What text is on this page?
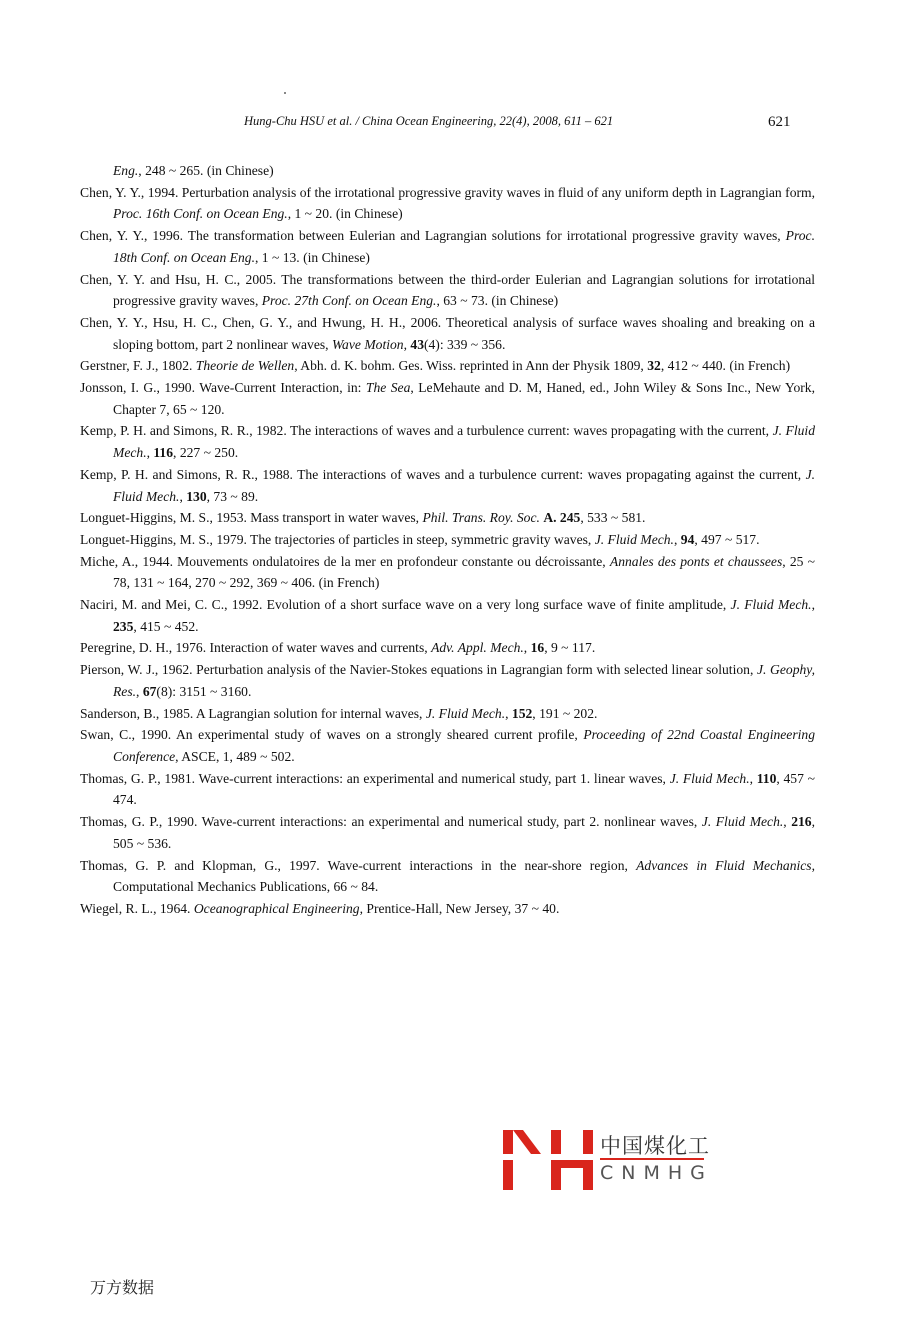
Hung-Chu HSU et al. / China Ocean Engineering, 22(4), 2008, 611 – 621	621
Eng., 248 ~ 265. (in Chinese)
Chen, Y. Y., 1994. Perturbation analysis of the irrotational progressive gravity waves in fluid of any uniform depth in Lagrangian form, Proc. 16th Conf. on Ocean Eng., 1 ~ 20. (in Chinese)
Chen, Y. Y., 1996. The transformation between Eulerian and Lagrangian solutions for irrotational progressive gravity waves, Proc. 18th Conf. on Ocean Eng., 1 ~ 13. (in Chinese)
Chen, Y. Y. and Hsu, H. C., 2005. The transformations between the third-order Eulerian and Lagrangian solutions for irrotational progressive gravity waves, Proc. 27th Conf. on Ocean Eng., 63 ~ 73. (in Chinese)
Chen, Y. Y., Hsu, H. C., Chen, G. Y., and Hwung, H. H., 2006. Theoretical analysis of surface waves shoaling and breaking on a sloping bottom, part 2 nonlinear waves, Wave Motion, 43(4): 339 ~ 356.
Gerstner, F. J., 1802. Theorie de Wellen, Abh. d. K. bohm. Ges. Wiss. reprinted in Ann der Physik 1809, 32, 412 ~ 440. (in French)
Jonsson, I. G., 1990. Wave-Current Interaction, in: The Sea, LeMehaute and D. M, Haned, ed., John Wiley & Sons Inc., New York, Chapter 7, 65 ~ 120.
Kemp, P. H. and Simons, R. R., 1982. The interactions of waves and a turbulence current: waves propagating with the current, J. Fluid Mech., 116, 227 ~ 250.
Kemp, P. H. and Simons, R. R., 1988. The interactions of waves and a turbulence current: waves propagating against the current, J. Fluid Mech., 130, 73 ~ 89.
Longuet-Higgins, M. S., 1953. Mass transport in water waves, Phil. Trans. Roy. Soc. A. 245, 533 ~ 581.
Longuet-Higgins, M. S., 1979. The trajectories of particles in steep, symmetric gravity waves, J. Fluid Mech., 94, 497 ~ 517.
Miche, A., 1944. Mouvements ondulatoires de la mer en profondeur constante ou décroissante, Annales des ponts et chaussees, 25 ~ 78, 131 ~ 164, 270 ~ 292, 369 ~ 406. (in French)
Naciri, M. and Mei, C. C., 1992. Evolution of a short surface wave on a very long surface wave of finite amplitude, J. Fluid Mech., 235, 415 ~ 452.
Peregrine, D. H., 1976. Interaction of water waves and currents, Adv. Appl. Mech., 16, 9 ~ 117.
Pierson, W. J., 1962. Perturbation analysis of the Navier-Stokes equations in Lagrangian form with selected linear solution, J. Geophy, Res., 67(8): 3151 ~ 3160.
Sanderson, B., 1985. A Lagrangian solution for internal waves, J. Fluid Mech., 152, 191 ~ 202.
Swan, C., 1990. An experimental study of waves on a strongly sheared current profile, Proceeding of 22nd Coastal Engineering Conference, ASCE, 1, 489 ~ 502.
Thomas, G. P., 1981. Wave-current interactions: an experimental and numerical study, part 1. linear waves, J. Fluid Mech., 110, 457 ~ 474.
Thomas, G. P., 1990. Wave-current interactions: an experimental and numerical study, part 2. nonlinear waves, J. Fluid Mech., 216, 505 ~ 536.
Thomas, G. P. and Klopman, G., 1997. Wave-current interactions in the near-shore region, Advances in Fluid Mechanics, Computational Mechanics Publications, 66 ~ 84.
Wiegel, R. L., 1964. Oceanographical Engineering, Prentice-Hall, New Jersey, 37 ~ 40.
中国煤化工
CNMHG
万方数据
